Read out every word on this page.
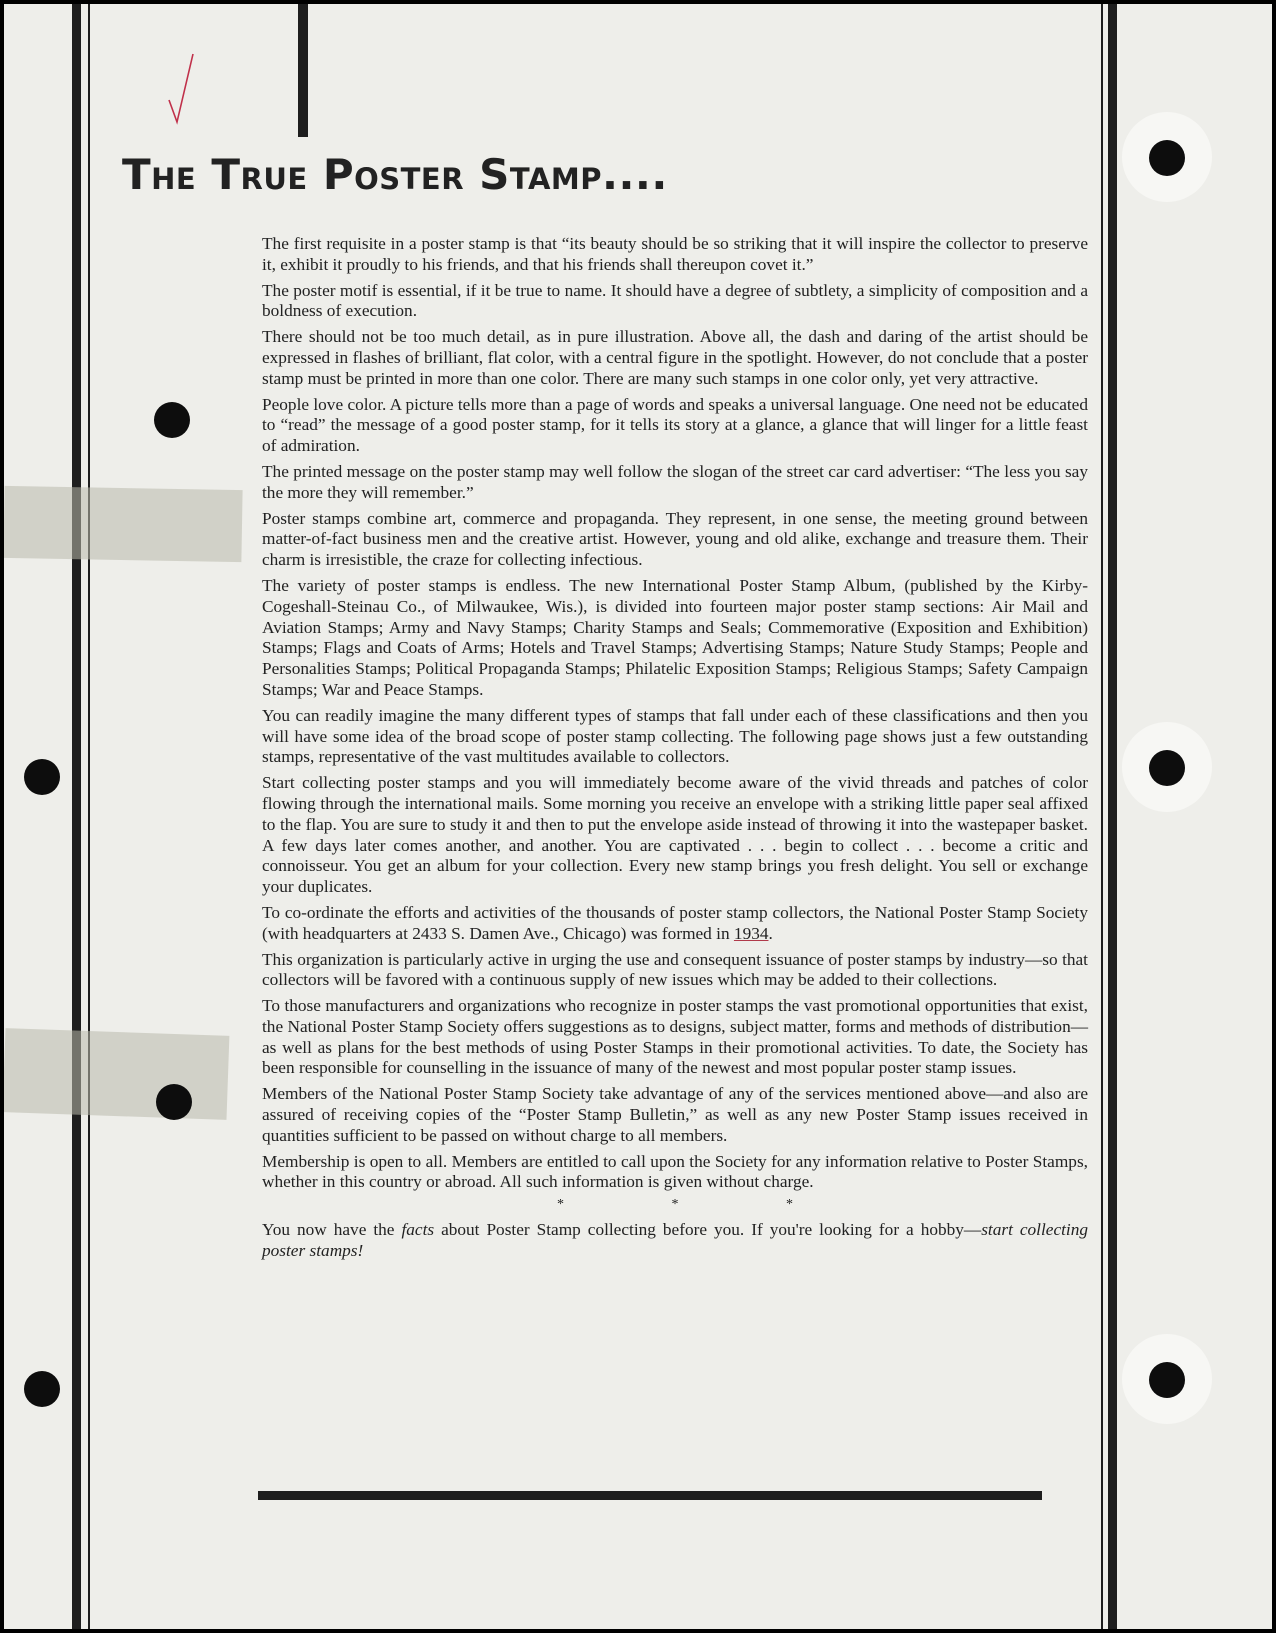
The True Poster Stamp....

The first requisite in a poster stamp is that “its beauty should be so striking that it will inspire the collector to preserve it, exhibit it proudly to his friends, and that his friends shall thereupon covet it.”

The poster motif is essential, if it be true to name. It should have a degree of subtlety, a simplicity of composition and a boldness of execution.

There should not be too much detail, as in pure illustration. Above all, the dash and daring of the artist should be expressed in flashes of brilliant, flat color, with a central figure in the spotlight. However, do not conclude that a poster stamp must be printed in more than one color. There are many such stamps in one color only, yet very attractive.

People love color. A picture tells more than a page of words and speaks a universal language. One need not be educated to “read” the message of a good poster stamp, for it tells its story at a glance, a glance that will linger for a little feast of admiration.

The printed message on the poster stamp may well follow the slogan of the street car card advertiser: “The less you say the more they will remember.”

Poster stamps combine art, commerce and propaganda. They represent, in one sense, the meeting ground between matter-of-fact business men and the creative artist. However, young and old alike, exchange and treasure them. Their charm is irresistible, the craze for collecting infectious.

The variety of poster stamps is endless. The new International Poster Stamp Album, (published by the Kirby-Cogeshall-Steinau Co., of Milwaukee, Wis.), is divided into fourteen major poster stamp sections: Air Mail and Aviation Stamps; Army and Navy Stamps; Charity Stamps and Seals; Commemorative (Exposition and Exhibition) Stamps; Flags and Coats of Arms; Hotels and Travel Stamps; Advertising Stamps; Nature Study Stamps; People and Personalities Stamps; Political Propaganda Stamps; Philatelic Exposition Stamps; Religious Stamps; Safety Campaign Stamps; War and Peace Stamps.

You can readily imagine the many different types of stamps that fall under each of these classifications and then you will have some idea of the broad scope of poster stamp collecting. The following page shows just a few outstanding stamps, representative of the vast multitudes available to collectors.

Start collecting poster stamps and you will immediately become aware of the vivid threads and patches of color flowing through the international mails. Some morning you receive an envelope with a striking little paper seal affixed to the flap. You are sure to study it and then to put the envelope aside instead of throwing it into the wastepaper basket. A few days later comes another, and another. You are captivated . . . begin to collect . . . become a critic and connoisseur. You get an album for your collection. Every new stamp brings you fresh delight. You sell or exchange your duplicates.

To co-ordinate the efforts and activities of the thousands of poster stamp collectors, the National Poster Stamp Society (with headquarters at 2433 S. Damen Ave., Chicago) was formed in 1934.

This organization is particularly active in urging the use and consequent issuance of poster stamps by industry—so that collectors will be favored with a continuous supply of new issues which may be added to their collections.

To those manufacturers and organizations who recognize in poster stamps the vast promotional opportunities that exist, the National Poster Stamp Society offers suggestions as to designs, subject matter, forms and methods of distribution—as well as plans for the best methods of using Poster Stamps in their promotional activities. To date, the Society has been responsible for counselling in the issuance of many of the newest and most popular poster stamp issues.

Members of the National Poster Stamp Society take advantage of any of the services mentioned above—and also are assured of receiving copies of the “Poster Stamp Bulletin,” as well as any new Poster Stamp issues received in quantities sufficient to be passed on without charge to all members.

Membership is open to all. Members are entitled to call upon the Society for any information relative to Poster Stamps, whether in this country or abroad. All such information is given without charge.

* * *

You now have the facts about Poster Stamp collecting before you. If you're looking for a hobby—start collecting poster stamps!
